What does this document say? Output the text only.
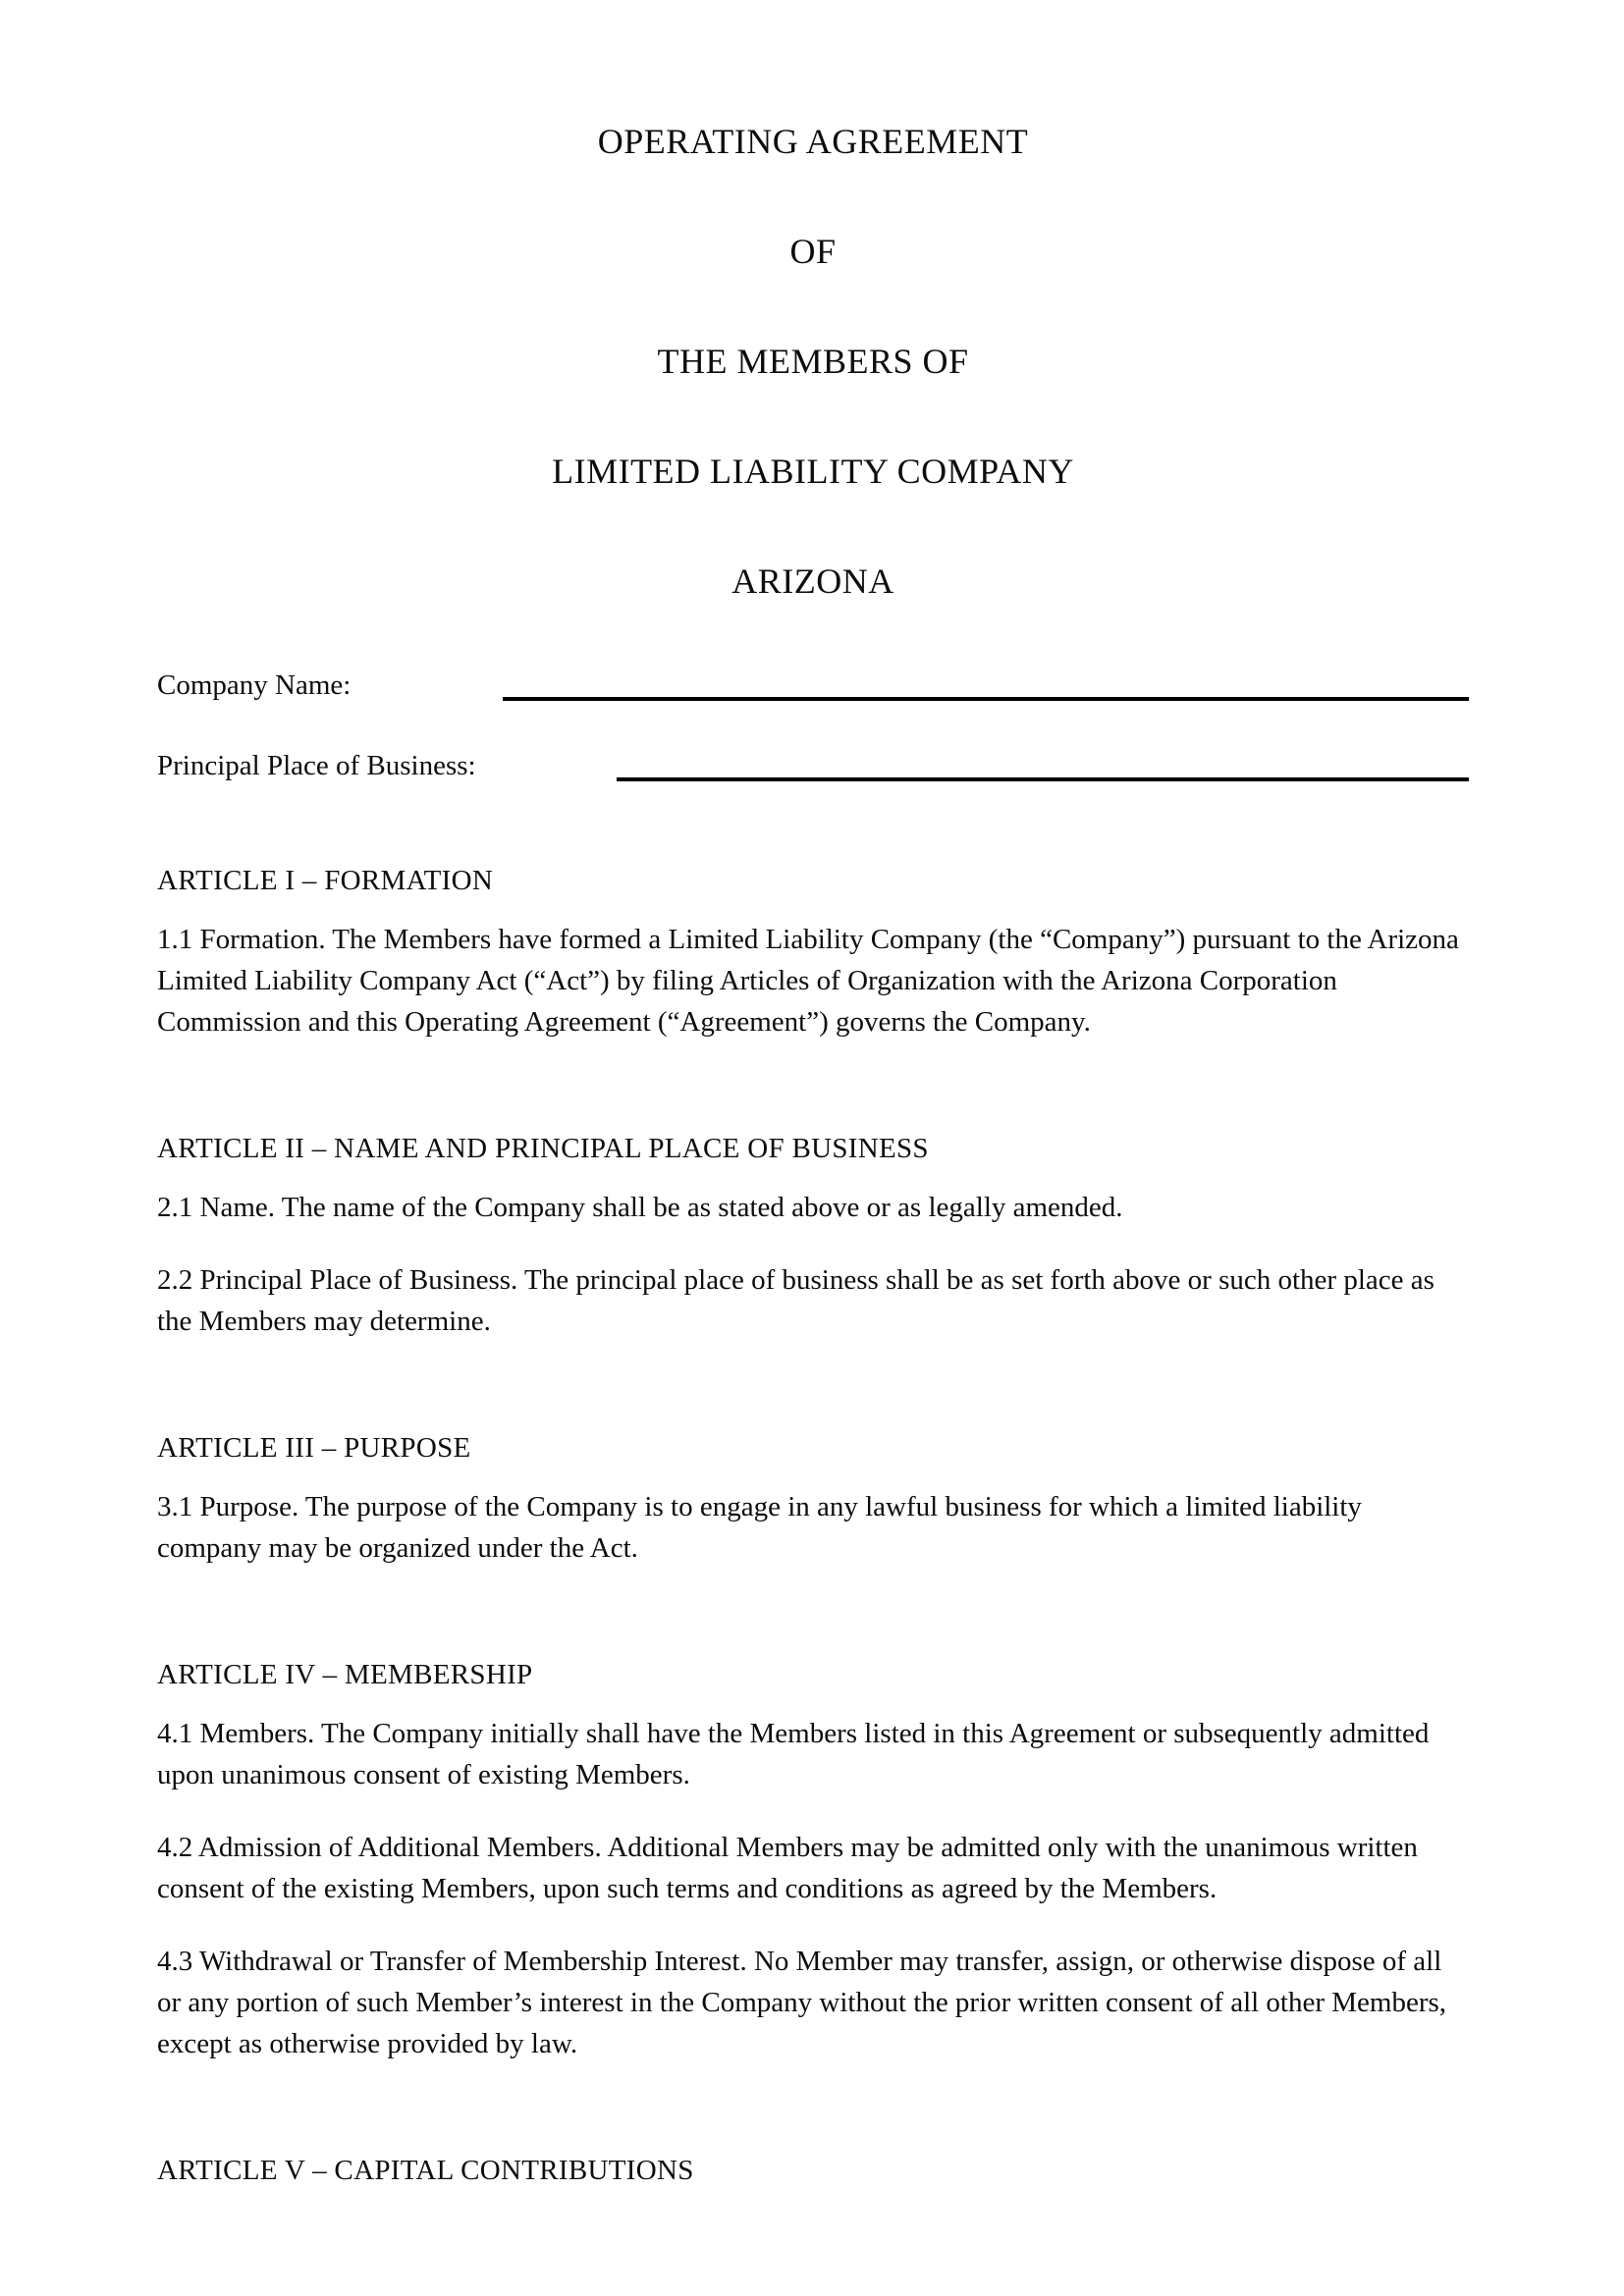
OPERATING AGREEMENT
OF
THE MEMBERS OF
LIMITED LIABILITY COMPANY
ARIZONA
Company Name:
Principal Place of Business:
ARTICLE I – FORMATION

1.1 Formation. The Members have formed a Limited Liability Company (the “Company”) pursuant to the Arizona Limited Liability Company Act (“Act”) by filing Articles of Organization with the Arizona Corporation Commission and this Operating Agreement (“Agreement”) governs the Company.

ARTICLE II – NAME AND PRINCIPAL PLACE OF BUSINESS

2.1 Name. The name of the Company shall be as stated above or as legally amended.

2.2 Principal Place of Business. The principal place of business shall be as set forth above or such other place as the Members may determine.

ARTICLE III – PURPOSE

3.1 Purpose. The purpose of the Company is to engage in any lawful business for which a limited liability company may be organized under the Act.

ARTICLE IV – MEMBERSHIP

4.1 Members. The Company initially shall have the Members listed in this Agreement or subsequently admitted upon unanimous consent of existing Members.

4.2 Admission of Additional Members. Additional Members may be admitted only with the unanimous written consent of the existing Members, upon such terms and conditions as agreed by the Members.

4.3 Withdrawal or Transfer of Membership Interest. No Member may transfer, assign, or otherwise dispose of all or any portion of such Member’s interest in the Company without the prior written consent of all other Members, except as otherwise provided by law.

ARTICLE V – CAPITAL CONTRIBUTIONS
